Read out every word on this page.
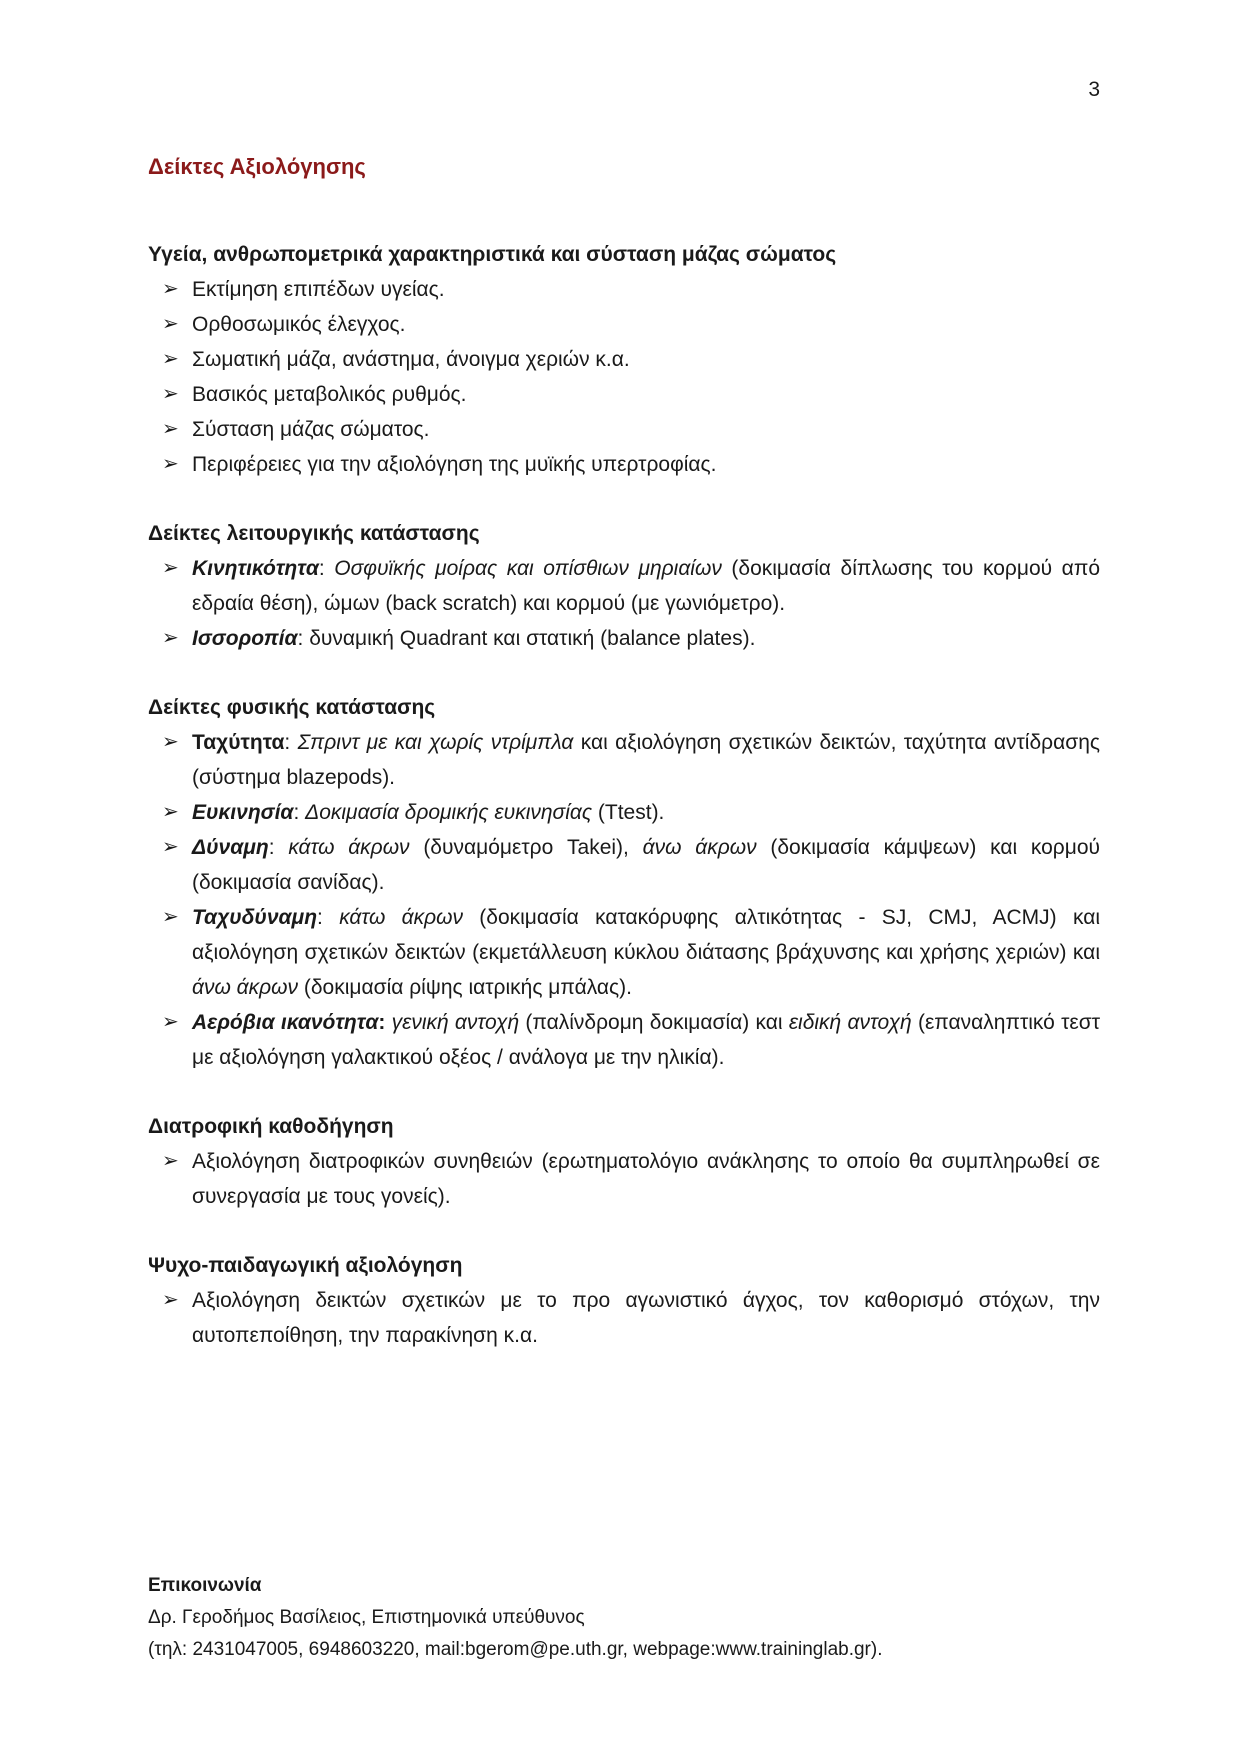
3
Δείκτες Αξιολόγησης
Υγεία, ανθρωπομετρικά χαρακτηριστικά και σύσταση μάζας σώματος
➢ Εκτίμηση επιπέδων υγείας.
➢ Ορθοσωμικός έλεγχος.
➢ Σωματική μάζα, ανάστημα, άνοιγμα χεριών κ.α.
➢ Βασικός μεταβολικός ρυθμός.
➢ Σύσταση μάζας σώματος.
➢ Περιφέρειες για την αξιολόγηση της μυϊκής υπερτροφίας.
Δείκτες λειτουργικής κατάστασης
➢ Κινητικότητα: Οσφυϊκής μοίρας και οπίσθιων μηριαίων (δοκιμασία δίπλωσης του κορμού από εδραία θέση), ώμων (back scratch) και κορμού (με γωνιόμετρο).
➢ Ισσοροπία: δυναμική Quadrant και στατική (balance plates).
Δείκτες φυσικής κατάστασης
➢ Ταχύτητα: Σπριντ με και χωρίς ντρίμπλα και αξιολόγηση σχετικών δεικτών, ταχύτητα αντίδρασης (σύστημα blazepods).
➢ Ευκινησία: Δοκιμασία δρομικής ευκινησίας (Ttest).
➢ Δύναμη: κάτω άκρων (δυναμόμετρο Takei), άνω άκρων (δοκιμασία κάμψεων) και κορμού (δοκιμασία σανίδας).
➢ Ταχυδύναμη: κάτω άκρων (δοκιμασία κατακόρυφης αλτικότητας - SJ, CMJ, ACMJ) και αξιολόγηση σχετικών δεικτών (εκμετάλλευση κύκλου διάτασης βράχυνσης και χρήσης χεριών) και άνω άκρων (δοκιμασία ρίψης ιατρικής μπάλας).
➢ Αερόβια ικανότητα: γενική αντοχή (παλίνδρομη δοκιμασία) και ειδική αντοχή (επαναληπτικό τεστ με αξιολόγηση γαλακτικού οξέος / ανάλογα με την ηλικία).
Διατροφική καθοδήγηση
➢ Αξιολόγηση διατροφικών συνηθειών (ερωτηματολόγιο ανάκλησης το οποίο θα συμπληρωθεί σε συνεργασία με τους γονείς).
Ψυχο-παιδαγωγική αξιολόγηση
➢ Αξιολόγηση δεικτών σχετικών με το προ αγωνιστικό άγχος, τον καθορισμό στόχων, την αυτοπεποίθηση, την παρακίνηση κ.α.
Επικοινωνία
Δρ. Γεροδήμος Βασίλειος, Επιστημονικά υπεύθυνος
(τηλ: 2431047005, 6948603220, mail:bgerom@pe.uth.gr, webpage:www.traininglab.gr).
